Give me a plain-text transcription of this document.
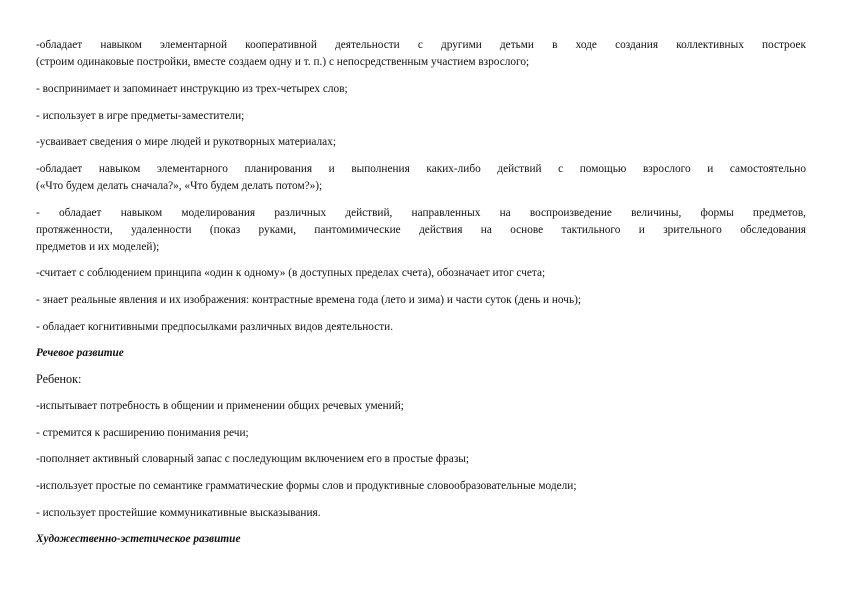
-обладает навыком элементарной кооперативной деятельности с другими детьми в ходе создания коллективных построек
(строим одинаковые постройки, вместе создаем одну и т. п.) с непосредственным участием взрослого;
- воспринимает и запоминает инструкцию из трех-четырех слов;
- использует в игре предметы-заместители;
-усваивает сведения о мире людей и рукотворных материалах;
-обладает навыком элементарного планирования и выполнения каких-либо действий с помощью взрослого и самостоятельно
(«Что будем делать сначала?», «Что будем делать потом?»);
- обладает навыком моделирования различных действий, направленных на воспроизведение величины, формы предметов,
протяженности, удаленности (показ руками, пантомимические действия на основе тактильного и зрительного обследования
предметов и их моделей);
-считает с соблюдением принципа «один к одному» (в доступных пределах счета), обозначает итог счета;
- знает реальные явления и их изображения: контрастные времена года (лето и зима) и части суток (день и ночь);
- обладает когнитивными предпосылками различных видов деятельности.
Речевое развитие
Ребенок:
-испытывает потребность в общении и применении общих речевых умений;
- стремится к расширению понимания речи;
-пополняет активный словарный запас с последующим включением его в простые фразы;
-использует простые по семантике грамматические формы слов и продуктивные словообразовательные модели;
- использует простейшие коммуникативные высказывания.
Художественно-эстетическое развитие
